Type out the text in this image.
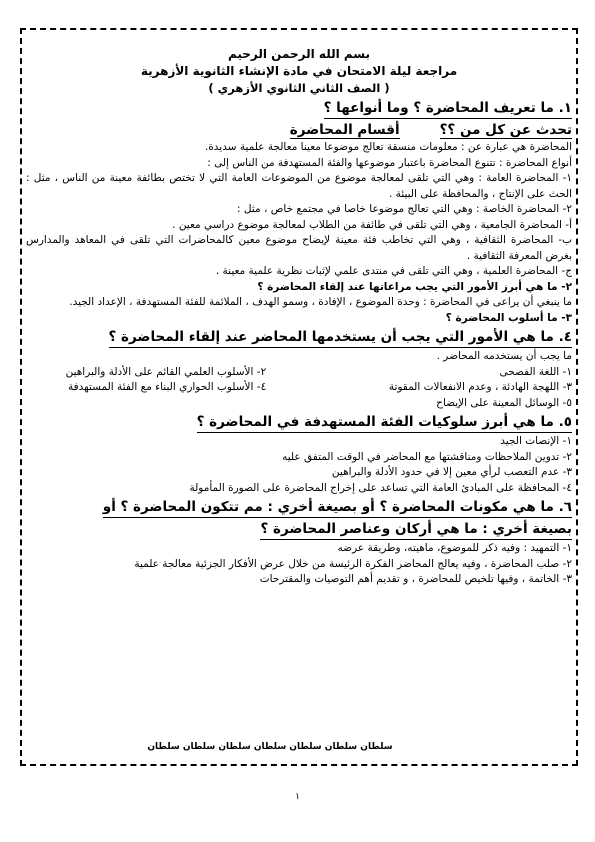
بسم الله الرحمن الرحيم

مراجعة ليلة الامتحان في مادة الإنشاء الثانوية الأزهرية

( الصف الثاني الثانوي الأزهري )

١. ما تعريف المحاضرة ؟ وما أنواعها ؟
تحدث عن كل من ؟؟أقسام المحاضرة

المحاضرة هي عبارة عن : معلومات منسقة تعالج موضوعا معينا معالجة علمية سديدة.

أنواع المحاضرة : تتنوع المحاضرة باعتبار موضوعها والفئة المستهدفة من الناس إلى :

١- المحاضرة العامة : وهي التي تلقى لمعالجة موضوع من الموضوعات العامة التي لا تختص بطائفة معينة من الناس ، مثل : الحث على الإنتاج ، والمحافظة على البيئة .

٢- المحاضرة الخاصة : وهي التي تعالج موضوعا خاصا في مجتمع خاص ، مثل :

أ- المحاضرة الجامعية ، وهي التي تلقى في طائفة من الطلاب لمعالجة موضوع دراسي معين .

ب- المحاضرة الثقافية ، وهي التي تخاطب فئة معينة لإيضاح موضوع معين كالمحاضرات التي تلقى في المعاهد والمدارس بغرض المعرفة الثقافية .

ج- المحاضرة العلمية ، وهي التي تلقى في منتدى علمي لإثبات نظرية علمية معينة .

٢- ما هي أبرز الأمور التي يجب مراعاتها عند إلقاء المحاضرة ؟

ما ينبغي أن يراعى في المحاضرة : وحدة الموضوع ، الإفادة ، وسمو الهدف ، الملائمة للفئة المستهدفة ، الإعداد الجيد.

٣- ما أسلوب المحاضرة ؟

٤. ما هي الأمور التي يجب أن يستخدمها المحاضر عند إلقاء المحاضرة ؟

ما يجب أن يستخدمه المحاضر .

١- اللغة الفصحى
٢- الأسلوب العلمي القائم على الأدلة والبراهين
٣- اللهجة الهادئة ، وعدم الانفعالات المقوتة
٤- الأسلوب الحواري البناء مع الفئة المستهدفة

٥- الوسائل المعينة على الإيضاح

٥. ما هي أبرز سلوكيات الفئة المستهدفة في المحاضرة ؟

١- الإنصات الجيد

٢- تدوين الملاحظات ومناقشتها مع المحاضر في الوقت المتفق عليه

٣- عدم التعصب لرأي معين إلا في حدود الأدلة والبراهين

٤- المحافظة على المبادئ العامة التي تساعد على إخراج المحاضرة على الصورة المأمولة

٦. ما هي مكونات المحاضرة ؟ أو بصيغة أخري : مم تتكون المحاضرة ؟ أو
بصيغة أخري : ما هي أركان وعناصر المحاضرة ؟

١- التمهيد : وفيه ذكر للموضوع، ماهيته، وطريقة عرضه

٢- صلب المحاضرة ، وفيه يعالج المحاضر الفكرة الرئيسة من خلال عرض الأفكار الجزئية معالجة علمية

٣- الخاتمة ، وفيها تلخيص للمحاضرة ، و تقديم أهم التوصيات والمقترحات

سلطان سلطان سلطان سلطان سلطان سلطان سلطان
١
